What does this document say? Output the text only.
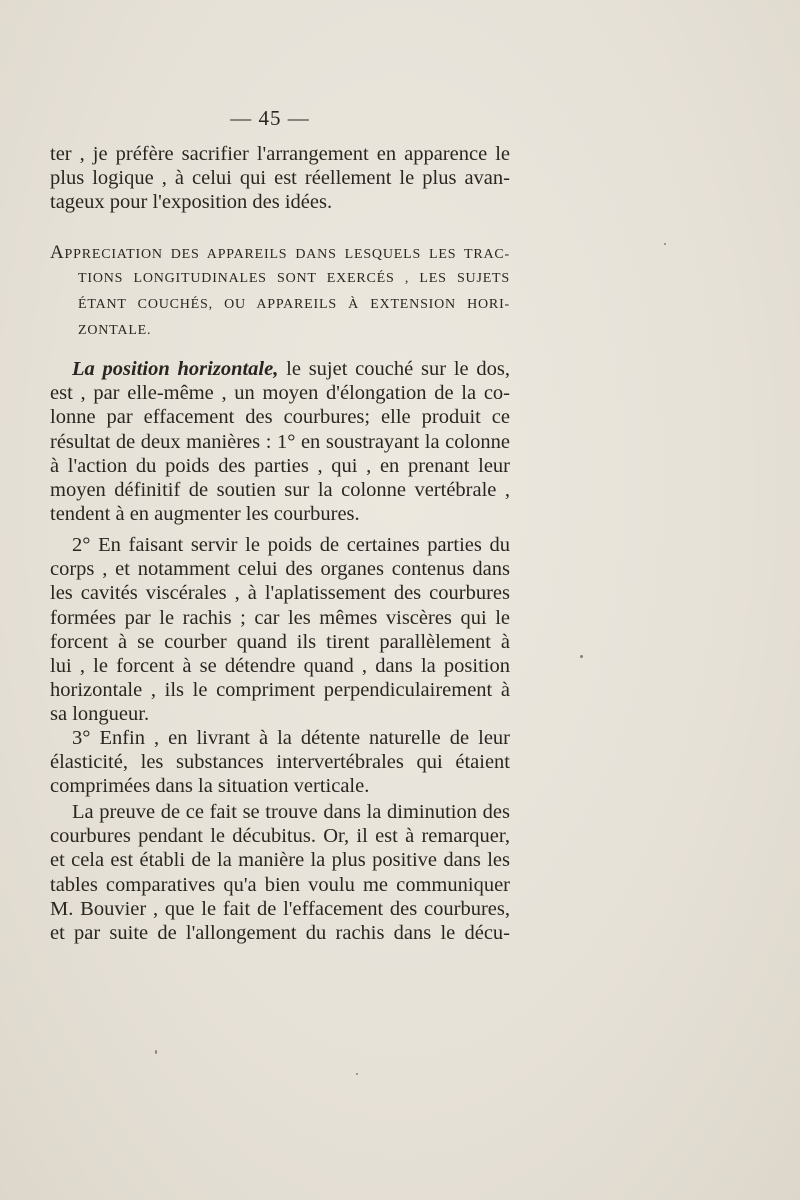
— 45 —
ter , je préfère sacrifier l'arrangement en apparence le
plus logique , à celui qui est réellement le plus avan-
tageux pour l'exposition des idées.
APPRECIATION DES APPAREILS DANS LESQUELS LES TRAC-
TIONS LONGITUDINALES SONT EXERCÉS , LES SUJETS
ÉTANT COUCHÉS, OU APPAREILS À EXTENSION HORI-
ZONTALE.
La position horizontale, le sujet couché sur le dos,
est , par elle-même , un moyen d'élongation de la co-
lonne par effacement des courbures; elle produit ce
résultat de deux manières : 1° en soustrayant la colonne
à l'action du poids des parties , qui , en prenant leur
moyen définitif de soutien sur la colonne vertébrale ,
tendent à en augmenter les courbures.
2° En faisant servir le poids de certaines parties du
corps , et notamment celui des organes contenus dans
les cavités viscérales , à l'aplatissement des courbures
formées par le rachis ; car les mêmes viscères qui le
forcent à se courber quand ils tirent parallèlement à
lui , le forcent à se détendre quand , dans la position
horizontale , ils le compriment perpendiculairement à
sa longueur.
3° Enfin , en livrant à la détente naturelle de leur
élasticité, les substances intervertébrales qui étaient
comprimées dans la situation verticale.
La preuve de ce fait se trouve dans la diminution des
courbures pendant le décubitus. Or, il est à remarquer,
et cela est établi de la manière la plus positive dans les
tables comparatives qu'a bien voulu me communiquer
M. Bouvier , que le fait de l'effacement des courbures,
et par suite de l'allongement du rachis dans le décu-
